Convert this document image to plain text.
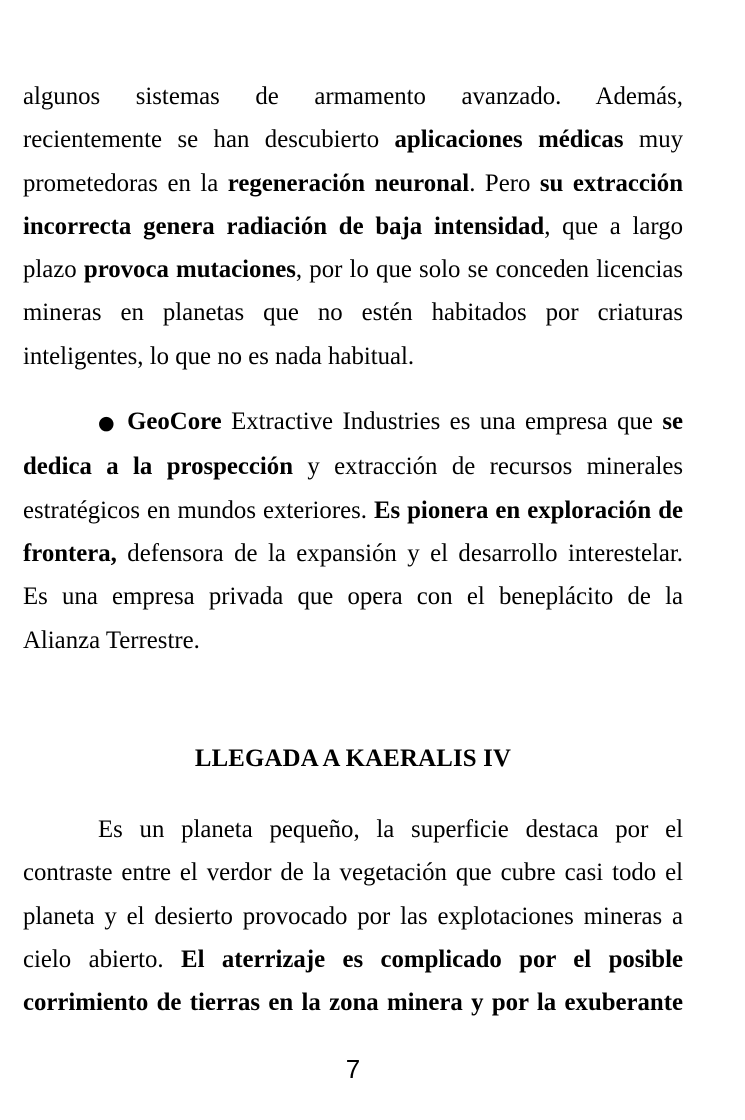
algunos sistemas de armamento avanzado. Además,
recientemente se han descubierto aplicaciones médicas muy
prometedoras en la regeneración neuronal. Pero su extracción
incorrecta genera radiación de baja intensidad, que a largo
plazo provoca mutaciones, por lo que solo se conceden licencias
mineras en planetas que no estén habitados por criaturas
inteligentes, lo que no es nada habitual.
● GeoCore Extractive Industries es una empresa que se
dedica a la prospección y extracción de recursos minerales
estratégicos en mundos exteriores. Es pionera en exploración de
frontera, defensora de la expansión y el desarrollo interestelar.
Es una empresa privada que opera con el beneplácito de la
Alianza Terrestre.
LLEGADA A KAERALIS IV
Es un planeta pequeño, la superficie destaca por el
contraste entre el verdor de la vegetación que cubre casi todo el
planeta y el desierto provocado por las explotaciones mineras a
cielo abierto. El aterrizaje es complicado por el posible
corrimiento de tierras en la zona minera y por la exuberante
7
